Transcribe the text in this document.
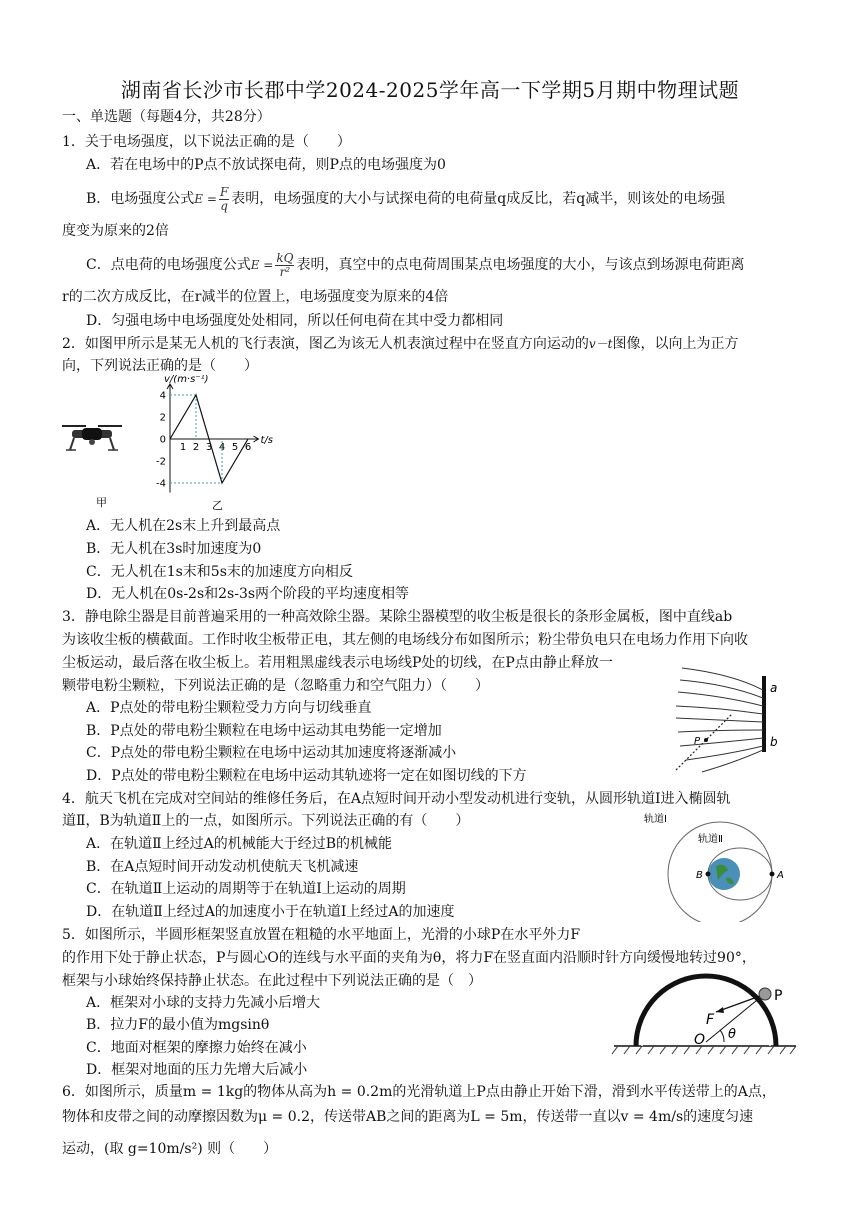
湖南省长沙市长郡中学2024-2025学年高一下学期5月期中物理试题
一、单选题（每题4分，共28分）
1．关于电场强度，以下说法正确的是（　　）
A．若在电场中的P点不放试探电荷，则P点的电场强度为0
B．电场强度公式$E = \frac{F}{q}$ 表明，电场强度的大小与试探电荷的电荷量q成反比，若q减半，则该处的电场强
度变为原来的2倍
C．点电荷的电场强度公式$E = \frac{kQ}{\text{r²}}$ 表明，真空中的点电荷周围某点电场强度的大小，与该点到场源电荷距离
r的二次方成反比，在r减半的位置上，电场强度变为原来的4倍
D．匀强电场中电场强度处处相同，所以任何电荷在其中受力都相同
2．如图甲所示是某无人机的飞行表演，图乙为该无人机表演过程中在竖直方向运动的v－t图像，以向上为正方
向，下列说法正确的是（　　）
甲
v/(m·s⁻¹)
t/s
乙
4
2
0
-2
-4
1 2 3 4 5 6
A．无人机在2s末上升到最高点
B．无人机在3s时加速度为0
C．无人机在1s末和5s末的加速度方向相反
D．无人机在0s-2s和2s-3s两个阶段的平均速度相等
3．静电除尘器是目前普遍采用的一种高效除尘器。某除尘器模型的收尘板是很长的条形金属板，图中直线ab
为该收尘板的横截面。工作时收尘板带正电，其左侧的电场线分布如图所示；粉尘带负电只在电场力作用下向收
尘板运动，最后落在收尘板上。若用粗黑虚线表示电场线P处的切线，在P点由静止释放一
颗带电粉尘颗粒，下列说法正确的是（忽略重力和空气阻力）（　　）
A．P点处的带电粉尘颗粒受力方向与切线垂直
B．P点处的带电粉尘颗粒在电场中运动其电势能一定增加
C．P点处的带电粉尘颗粒在电场中运动其加速度将逐渐减小
D．P点处的带电粉尘颗粒在电场中运动其轨迹将一定在如图切线的下方
P
a
b
4．航天飞机在完成对空间站的维修任务后，在A点短时间开动小型发动机进行变轨，从圆形轨道Ⅰ进入椭圆轨
道Ⅱ，B为轨道Ⅱ上的一点，如图所示。下列说法正确的有（　　）
A．在轨道Ⅱ上经过A的机械能大于经过B的机械能
B．在A点短时间开动发动机使航天飞机减速
C．在轨道Ⅱ上运动的周期等于在轨道Ⅰ上运动的周期
D．在轨道Ⅱ上经过A的加速度小于在轨道Ⅰ上经过A的加速度
B	A
轨道Ⅰ
轨道Ⅱ
5．如图所示，半圆形框架竖直放置在粗糙的水平地面上，光滑的小球P在水平外力F
的作用下处于静止状态，P与圆心O的连线与水平面的夹角为θ，将力F在竖直面内沿顺时针方向缓慢地转过90°，
框架与小球始终保持静止状态。在此过程中下列说法正确的是（　）
A．框架对小球的支持力先减小后增大
B．拉力F的最小值为mgsinθ
C．地面对框架的摩擦力始终在减小
D．框架对地面的压力先增大后减小
F
O
P
θ
6．如图所示，质量m = 1kg的物体从高为h = 0.2m的光滑轨道上P点由静止开始下滑，滑到水平传送带上的A点，
物体和皮带之间的动摩擦因数为μ = 0.2，传送带AB之间的距离为L = 5m，传送带一直以v = 4m/s的速度匀速
运动，(取 g=10m/s²) 则（　　）
